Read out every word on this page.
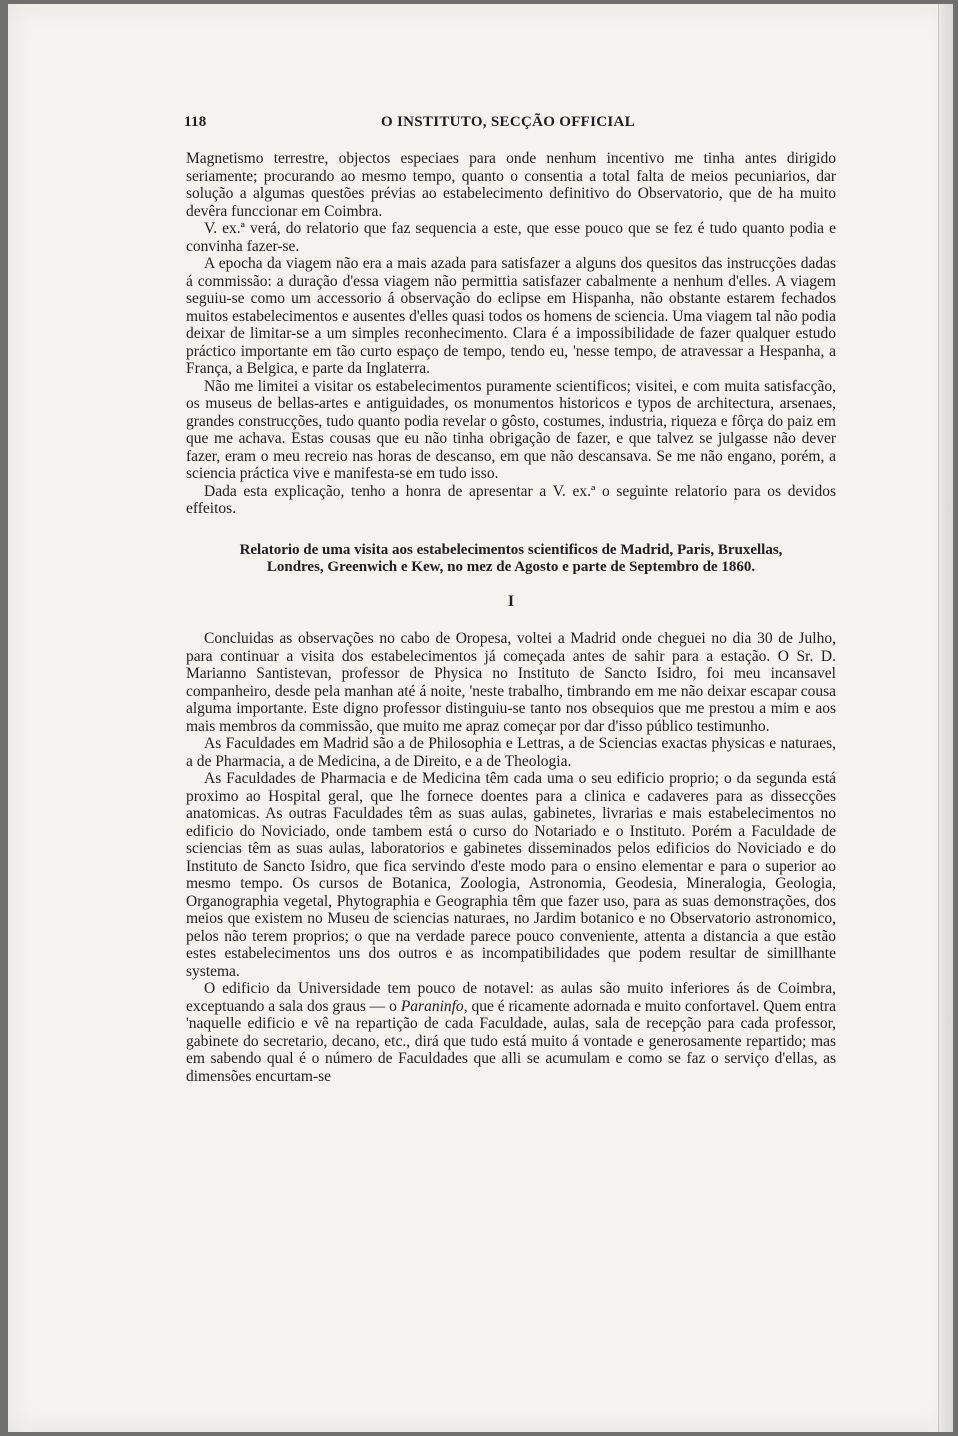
118	O INSTITUTO, SECÇÃO OFFICIAL

Magnetismo terrestre, objectos especiaes para onde nenhum incentivo me tinha antes dirigido seriamente; procurando ao mesmo tempo, quanto o consentia a total falta de meios pecuniarios, dar solução a algumas questões prévias ao estabelecimento definitivo do Observatorio, que de ha muito devêra funccionar em Coimbra.

V. ex.ª verá, do relatorio que faz sequencia a este, que esse pouco que se fez é tudo quanto podia e convinha fazer-se.

A epocha da viagem não era a mais azada para satisfazer a alguns dos quesitos das instrucções dadas á commissão: a duração d'essa viagem não permittia satisfazer cabalmente a nenhum d'elles. A viagem seguiu-se como um accessorio á observação do eclipse em Hispanha, não obstante estarem fechados muitos estabelecimentos e ausentes d'elles quasi todos os homens de sciencia. Uma viagem tal não podia deixar de limitar-se a um simples reconhecimento. Clara é a impossibilidade de fazer qualquer estudo práctico importante em tão curto espaço de tempo, tendo eu, 'nesse tempo, de atravessar a Hespanha, a França, a Belgica, e parte da Inglaterra.

Não me limitei a visitar os estabelecimentos puramente scientificos; visitei, e com muita satisfacção, os museus de bellas-artes e antiguidades, os monumentos historicos e typos de architectura, arsenaes, grandes construcções, tudo quanto podia revelar o gôsto, costumes, industria, riqueza e fôrça do paiz em que me achava. Estas cousas que eu não tinha obrigação de fazer, e que talvez se julgasse não dever fazer, eram o meu recreio nas horas de descanso, em que não descansava. Se me não engano, porém, a sciencia práctica vive e manifesta-se em tudo isso.

Dada esta explicação, tenho a honra de apresentar a V. ex.ª o seguinte relatorio para os devidos effeitos.

Relatorio de uma visita aos estabelecimentos scientificos de Madrid, Paris, Bruxellas,
Londres, Greenwich e Kew, no mez de Agosto e parte de Septembro de 1860.
I

Concluidas as observações no cabo de Oropesa, voltei a Madrid onde cheguei no dia 30 de Julho, para continuar a visita dos estabelecimentos já começada antes de sahir para a estação. O Sr. D. Marianno Santistevan, professor de Physica no Instituto de Sancto Isidro, foi meu incansavel companheiro, desde pela manhan até á noite, 'neste trabalho, timbrando em me não deixar escapar cousa alguma importante. Este digno professor distinguiu-se tanto nos obsequios que me prestou a mim e aos mais membros da commissão, que muito me apraz começar por dar d'isso público testimunho.

As Faculdades em Madrid são a de Philosophia e Lettras, a de Sciencias exactas physicas e naturaes, a de Pharmacia, a de Medicina, a de Direito, e a de Theologia.

As Faculdades de Pharmacia e de Medicina têm cada uma o seu edificio proprio; o da segunda está proximo ao Hospital geral, que lhe fornece doentes para a clinica e cadaveres para as dissecções anatomicas. As outras Faculdades têm as suas aulas, gabinetes, livrarias e mais estabelecimentos no edificio do Noviciado, onde tambem está o curso do Notariado e o Instituto. Porém a Faculdade de sciencias têm as suas aulas, laboratorios e gabinetes disseminados pelos edificios do Noviciado e do Instituto de Sancto Isidro, que fica servindo d'este modo para o ensino elementar e para o superior ao mesmo tempo. Os cursos de Botanica, Zoologia, Astronomia, Geodesia, Mineralogia, Geologia, Organographia vegetal, Phytographia e Geographia têm que fazer uso, para as suas demonstrações, dos meios que existem no Museu de sciencias naturaes, no Jardim botanico e no Observatorio astronomico, pelos não terem proprios; o que na verdade parece pouco conveniente, attenta a distancia a que estão estes estabelecimentos uns dos outros e as incompatibilidades que podem resultar de simillhante systema.

O edificio da Universidade tem pouco de notavel: as aulas são muito inferiores ás de Coimbra, exceptuando a sala dos graus — o Paraninfo, que é ricamente adornada e muito confortavel. Quem entra 'naquelle edificio e vê na repartição de cada Faculdade, aulas, sala de recepção para cada professor, gabinete do secretario, decano, etc., dirá que tudo está muito á vontade e generosamente repartido; mas em sabendo qual é o número de Faculdades que alli se acumulam e como se faz o serviço d'ellas, as dimensões encurtam-se
